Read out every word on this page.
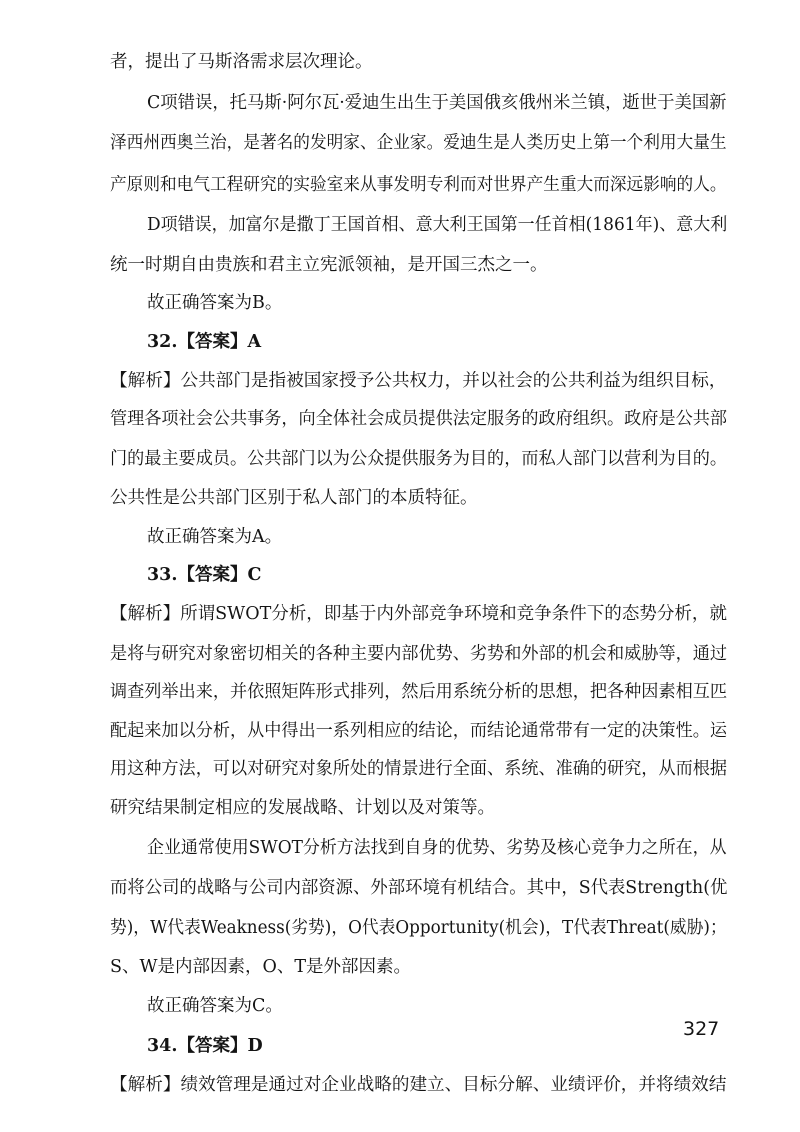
者，提出了马斯洛需求层次理论。
C项错误，托马斯·阿尔瓦·爱迪生出生于美国俄亥俄州米兰镇，逝世于美国新
泽西州西奥兰治，是著名的发明家、企业家。爱迪生是人类历史上第一个利用大量生
产原则和电气工程研究的实验室来从事发明专利而对世界产生重大而深远影响的人。
D项错误，加富尔是撒丁王国首相、意大利王国第一任首相(1861年)、意大利
统一时期自由贵族和君主立宪派领袖，是开国三杰之一。
故正确答案为B。
32.【答案】A
【解析】公共部门是指被国家授予公共权力，并以社会的公共利益为组织目标，
管理各项社会公共事务，向全体社会成员提供法定服务的政府组织。政府是公共部
门的最主要成员。公共部门以为公众提供服务为目的，而私人部门以营利为目的。
公共性是公共部门区别于私人部门的本质特征。
故正确答案为A。
33.【答案】C
【解析】所谓SWOT分析，即基于内外部竞争环境和竞争条件下的态势分析，就
是将与研究对象密切相关的各种主要内部优势、劣势和外部的机会和威胁等，通过
调查列举出来，并依照矩阵形式排列，然后用系统分析的思想，把各种因素相互匹
配起来加以分析，从中得出一系列相应的结论，而结论通常带有一定的决策性。运
用这种方法，可以对研究对象所处的情景进行全面、系统、准确的研究，从而根据
研究结果制定相应的发展战略、计划以及对策等。
企业通常使用SWOT分析方法找到自身的优势、劣势及核心竞争力之所在，从
而将公司的战略与公司内部资源、外部环境有机结合。其中，S代表Strength(优
势)，W代表Weakness(劣势)，O代表Opportunity(机会)，T代表Threat(威胁)；
S、W是内部因素，O、T是外部因素。
故正确答案为C。
34.【答案】D
【解析】绩效管理是通过对企业战略的建立、目标分解、业绩评价，并将绩效结
327
